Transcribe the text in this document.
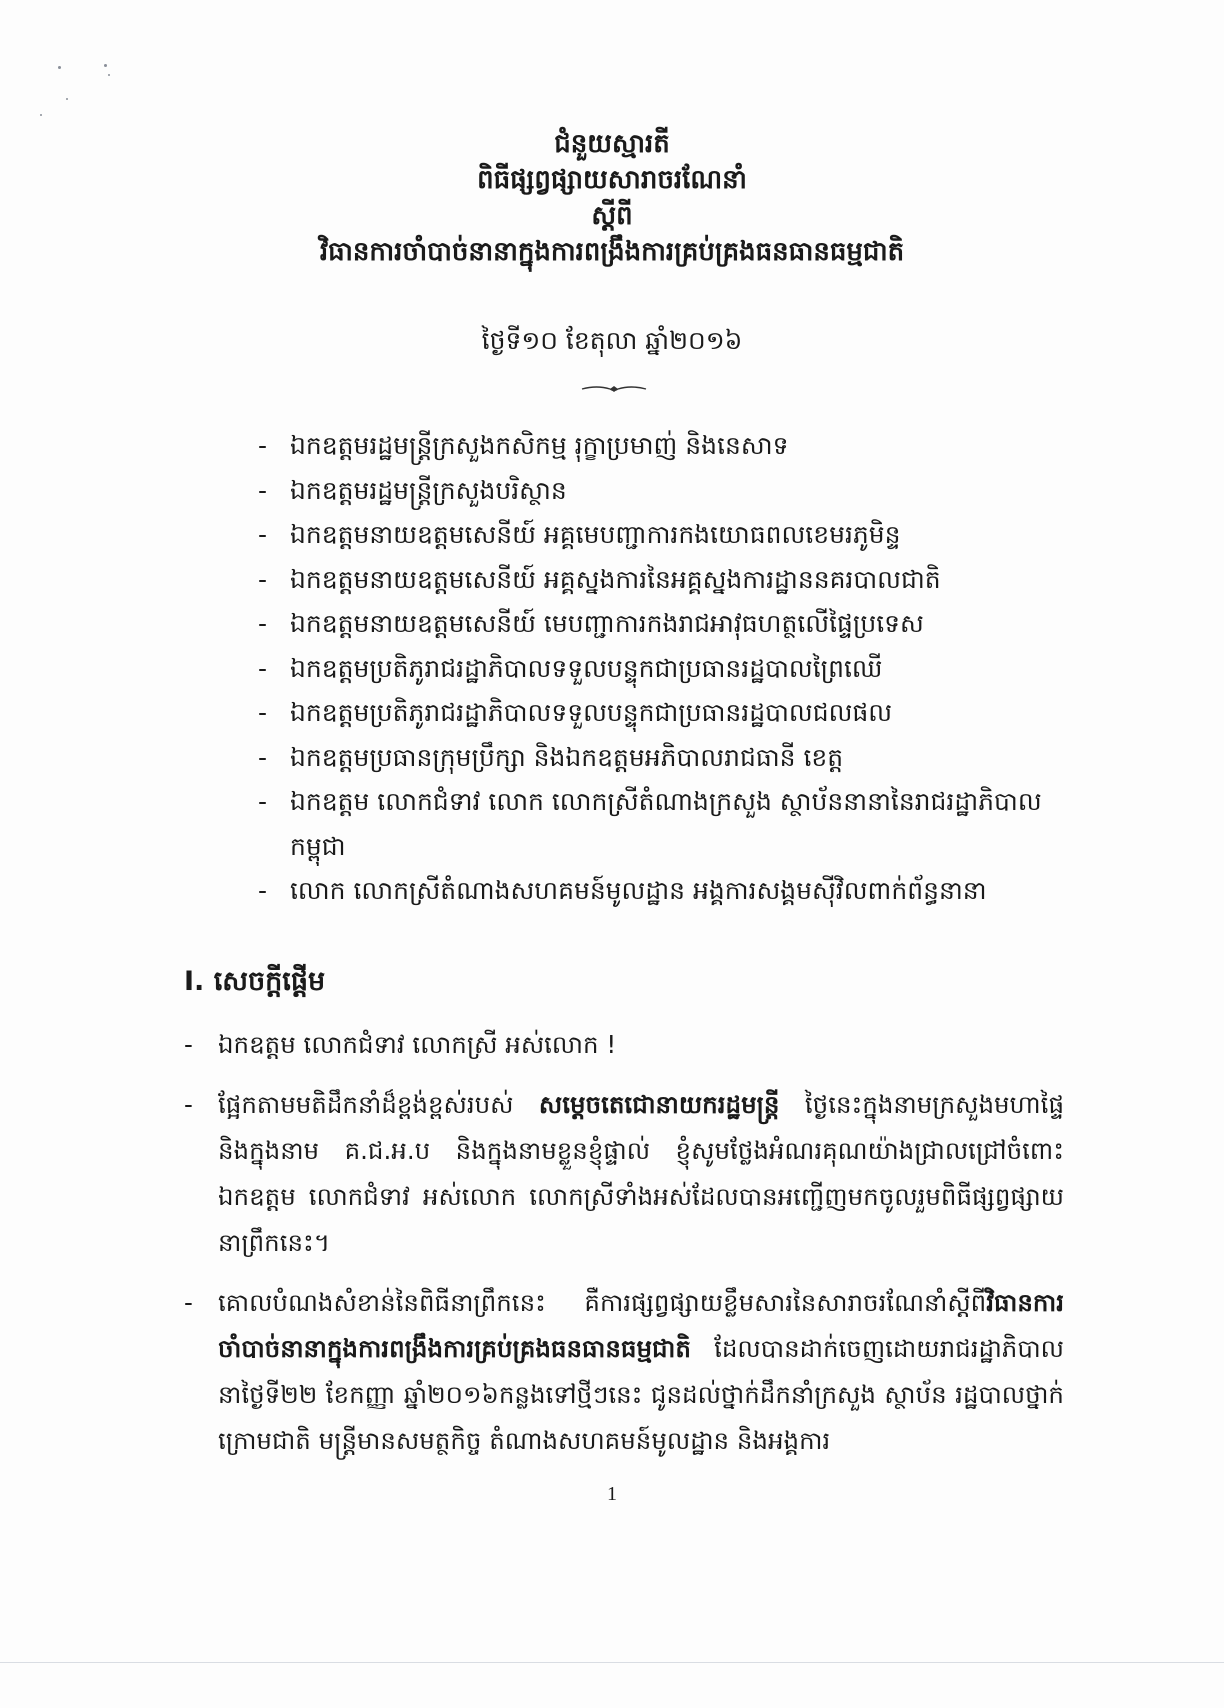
ជំនួយស្មារតី

ពិធីផ្សព្វផ្សាយសារាចរណែនាំ

ស្ដីពី

វិធានការចាំបាច់នានាក្នុងការពង្រឹងការគ្រប់គ្រងធនធានធម្មជាតិ

ថ្ងៃទី១០ ខែតុលា ឆ្នាំ២០១៦
- ឯកឧត្ដមរដ្ឋមន្ត្រីក្រសួងកសិកម្ម រុក្ខាប្រមាញ់ និងនេសាទ
- ឯកឧត្ដមរដ្ឋមន្ត្រីក្រសួងបរិស្ថាន
- ឯកឧត្ដមនាយឧត្ដមសេនីយ៍ អគ្គមេបញ្ជាការកងយោធពលខេមរភូមិន្ទ
- ឯកឧត្ដមនាយឧត្ដមសេនីយ៍ អគ្គស្នងការនៃអគ្គស្នងការដ្ឋាននគរបាលជាតិ
- ឯកឧត្ដមនាយឧត្ដមសេនីយ៍ មេបញ្ជាការកងរាជអាវុធហត្ថលើផ្ទៃប្រទេស
- ឯកឧត្ដមប្រតិភូរាជរដ្ឋាភិបាលទទួលបន្ទុកជាប្រធានរដ្ឋបាលព្រៃឈើ
- ឯកឧត្ដមប្រតិភូរាជរដ្ឋាភិបាលទទួលបន្ទុកជាប្រធានរដ្ឋបាលជលផល
- ឯកឧត្ដមប្រធានក្រុមប្រឹក្សា និងឯកឧត្ដមអភិបាលរាជធានី ខេត្ត
- ឯកឧត្ដម លោកជំទាវ លោក លោកស្រីតំណាងក្រសួង ស្ថាប័ននានានៃរាជរដ្ឋាភិបាលកម្ពុជា
- លោក លោកស្រីតំណាងសហគមន៍មូលដ្ឋាន អង្គការសង្គមស៊ីវិលពាក់ព័ន្ធនានា
I. សេចក្ដីផ្ដើម
- ឯកឧត្ដម លោកជំទាវ លោកស្រី អស់លោក !
- ផ្អែកតាមមតិដឹកនាំដ៏ខ្ពង់ខ្ពស់របស់ សម្ដេចតេជោនាយករដ្ឋមន្ត្រី ថ្ងៃនេះក្នុងនាមក្រសួងមហាផ្ទៃ និងក្នុងនាម គ.ជ.អ.ប និងក្នុងនាមខ្លួនខ្ញុំផ្ទាល់ ខ្ញុំសូមថ្លែងអំណរគុណយ៉ាងជ្រាលជ្រៅចំពោះឯកឧត្ដម លោកជំទាវ អស់លោក លោកស្រីទាំងអស់ដែលបានអញ្ជើញមកចូលរួមពិធីផ្សព្វផ្សាយនាព្រឹកនេះ។
- គោលបំណងសំខាន់នៃពិធីនាព្រឹកនេះ គឺការផ្សព្វផ្សាយខ្លឹមសារនៃសារាចរណែនាំស្ដីពីវិធានការចាំបាច់នានាក្នុងការពង្រឹងការគ្រប់គ្រងធនធានធម្មជាតិ ដែលបានដាក់ចេញដោយរាជរដ្ឋាភិបាល នាថ្ងៃទី២២ ខែកញ្ញា ឆ្នាំ២០១៦កន្លងទៅថ្មីៗនេះ ជូនដល់ថ្នាក់ដឹកនាំក្រសួង ស្ថាប័ន រដ្ឋបាលថ្នាក់ក្រោមជាតិ មន្ត្រីមានសមត្ថកិច្ច តំណាងសហគមន៍មូលដ្ឋាន និងអង្គការ
1
